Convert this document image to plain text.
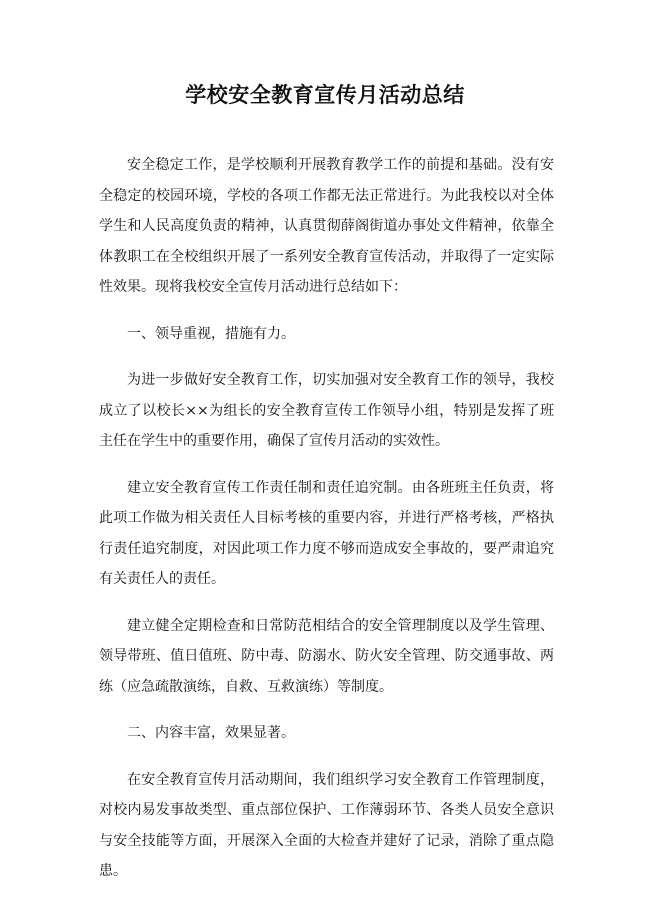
学校安全教育宣传月活动总结

安全稳定工作，是学校顺利开展教育教学工作的前提和基础。没有安全稳定的校园环境，学校的各项工作都无法正常进行。为此我校以对全体学生和人民高度负责的精神，认真贯彻薛阁街道办事处文件精神，依靠全体教职工在全校组织开展了一系列安全教育宣传活动，并取得了一定实际性效果。现将我校安全宣传月活动进行总结如下：

一、领导重视，措施有力。

为进一步做好安全教育工作，切实加强对安全教育工作的领导，我校成立了以校长××为组长的安全教育宣传工作领导小组，特别是发挥了班主任在学生中的重要作用，确保了宣传月活动的实效性。

建立安全教育宣传工作责任制和责任追究制。由各班班主任负责，将此项工作做为相关责任人目标考核的重要内容，并进行严格考核，严格执行责任追究制度，对因此项工作力度不够而造成安全事故的，要严肃追究有关责任人的责任。

建立健全定期检查和日常防范相结合的安全管理制度以及学生管理、领导带班、值日值班、防中毒、防溺水、防火安全管理、防交通事故、两练（应急疏散演练，自救、互救演练）等制度。

二、内容丰富，效果显著。

在安全教育宣传月活动期间，我们组织学习安全教育工作管理制度，对校内易发事故类型、重点部位保护、工作薄弱环节、各类人员安全意识与安全技能等方面，开展深入全面的大检查并建好了记录，消除了重点隐患。
